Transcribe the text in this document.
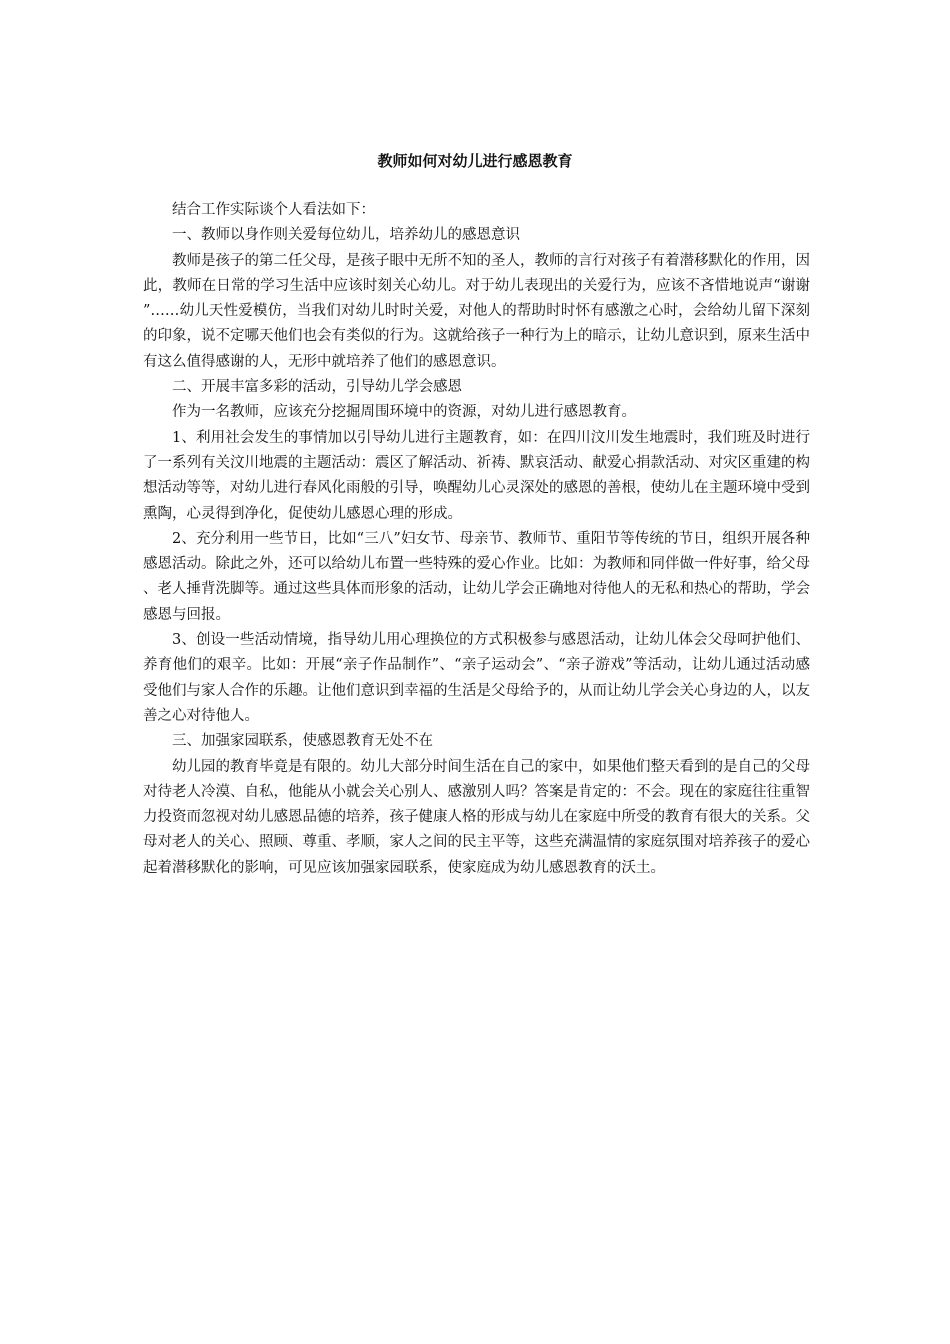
教师如何对幼儿进行感恩教育

结合工作实际谈个人看法如下：

一、教师以身作则关爱每位幼儿，培养幼儿的感恩意识

教师是孩子的第二任父母，是孩子眼中无所不知的圣人，教师的言行对孩子有着潜移默化的作用，因此，教师在日常的学习生活中应该时刻关心幼儿。对于幼儿表现出的关爱行为，应该不吝惜地说声“谢谢”……幼儿天性爱模仿，当我们对幼儿时时关爱，对他人的帮助时时怀有感激之心时，会给幼儿留下深刻的印象，说不定哪天他们也会有类似的行为。这就给孩子一种行为上的暗示，让幼儿意识到，原来生活中有这么值得感谢的人，无形中就培养了他们的感恩意识。

二、开展丰富多彩的活动，引导幼儿学会感恩

作为一名教师，应该充分挖掘周围环境中的资源，对幼儿进行感恩教育。

1、利用社会发生的事情加以引导幼儿进行主题教育，如：在四川汶川发生地震时，我们班及时进行了一系列有关汶川地震的主题活动：震区了解活动、祈祷、默哀活动、献爱心捐款活动、对灾区重建的构想活动等等，对幼儿进行春风化雨般的引导，唤醒幼儿心灵深处的感恩的善根，使幼儿在主题环境中受到熏陶，心灵得到净化，促使幼儿感恩心理的形成。

2、充分利用一些节日，比如“三八”妇女节、母亲节、教师节、重阳节等传统的节日，组织开展各种感恩活动。除此之外，还可以给幼儿布置一些特殊的爱心作业。比如：为教师和同伴做一件好事，给父母、老人捶背洗脚等。通过这些具体而形象的活动，让幼儿学会正确地对待他人的无私和热心的帮助，学会感恩与回报。

3、创设一些活动情境，指导幼儿用心理换位的方式积极参与感恩活动，让幼儿体会父母呵护他们、养育他们的艰辛。比如：开展“亲子作品制作”、“亲子运动会”、“亲子游戏”等活动，让幼儿通过活动感受他们与家人合作的乐趣。让他们意识到幸福的生活是父母给予的，从而让幼儿学会关心身边的人，以友善之心对待他人。

三、加强家园联系，使感恩教育无处不在

幼儿园的教育毕竟是有限的。幼儿大部分时间生活在自己的家中，如果他们整天看到的是自己的父母对待老人冷漠、自私，他能从小就会关心别人、感激别人吗？答案是肯定的：不会。现在的家庭往往重智力投资而忽视对幼儿感恩品德的培养，孩子健康人格的形成与幼儿在家庭中所受的教育有很大的关系。父母对老人的关心、照顾、尊重、孝顺，家人之间的民主平等，这些充满温情的家庭氛围对培养孩子的爱心起着潜移默化的影响，可见应该加强家园联系，使家庭成为幼儿感恩教育的沃土。
